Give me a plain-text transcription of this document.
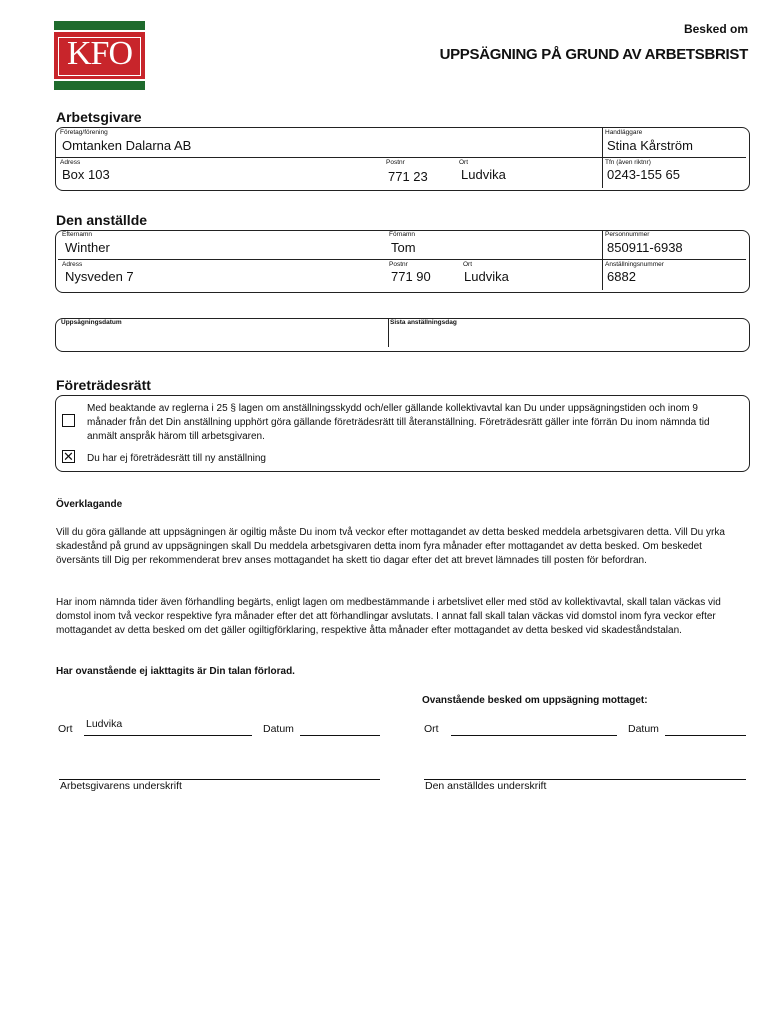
KFO
Besked om
UPPSÄGNING PÅ GRUND AV ARBETSBRIST
Arbetsgivare
Företag/förening
Omtanken Dalarna AB
Handläggare
Stina Kårström
Adress
Box 103
Postnr
771 23
Ort
Ludvika
Tfn (även riktnr)
0243-155 65
Den anställde
Efternamn
Winther
Förnamn
Tom
Personnummer
850911-6938
Adress
Nysveden 7
Postnr
771 90
Ort
Ludvika
Anställningsnummer
6882
Uppsägningsdatum	Sista anställningsdag
Företrädesrätt
Med beaktande av reglerna i 25 § lagen om anställningsskydd och/eller gällande kollektivavtal kan Du under uppsägningstiden och inom 9 månader från det Din anställning upphört göra gällande företrädesrätt till återanställning. Företrädesrätt gäller inte förrän Du inom nämnda tid anmält anspråk härom till arbetsgivaren.
✕ Du har ej företrädesrätt till ny anställning
Överklagande
Vill du göra gällande att uppsägningen är ogiltig måste Du inom två veckor efter mottagandet av detta besked meddela arbetsgivaren detta. Vill Du yrka skadestånd på grund av uppsägningen skall Du meddela arbetsgivaren detta inom fyra månader efter mottagandet av detta besked. Om beskedet översänts till Dig per rekommenderat brev anses mottagandet ha skett tio dagar efter det att brevet lämnades till posten för befordran.
Har inom nämnda tider även förhandling begärts, enligt lagen om medbestämmande i arbetslivet eller med stöd av kollektivavtal, skall talan väckas vid domstol inom två veckor respektive fyra månader efter det att förhandlingar avslutats. I annat fall skall talan väckas vid domstol inom fyra veckor efter mottagandet av detta besked om det gäller ogiltigförklaring, respektive åtta månader efter mottagandet av detta besked vid skadeståndstalan.
Har ovanstående ej iakttagits är Din talan förlorad.
Ovanstående besked om uppsägning mottaget:
Ort Ludvika	Datum	Ort	Datum
Arbetsgivarens underskrift	Den anställdes underskrift
